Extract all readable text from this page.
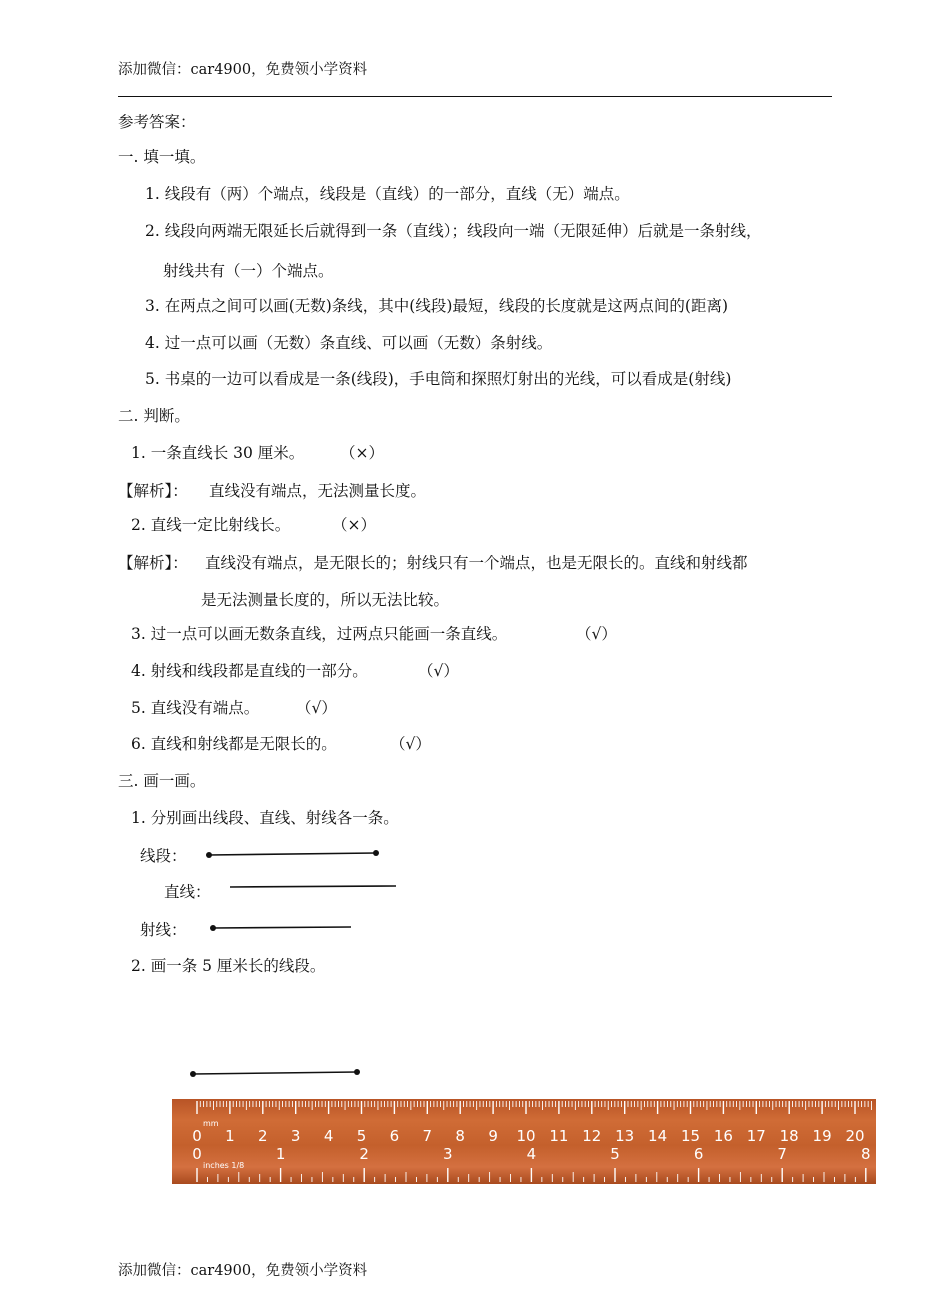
添加微信：car4900，免费领小学资料
参考答案：
一. 填一填。
1. 线段有（两）个端点，线段是（直线）的一部分，直线（无）端点。
2. 线段向两端无限延长后就得到一条（直线）；线段向一端（无限延伸）后就是一条射线，
射线共有（一）个端点。
3. 在两点之间可以画(无数)条线，其中(线段)最短，线段的长度就是这两点间的(距离)
4. 过一点可以画（无数）条直线、可以画（无数）条射线。
5. 书桌的一边可以看成是一条(线段)，手电筒和探照灯射出的光线，可以看成是(射线)
二. 判断。
1. 一条直线长 30 厘米。 （×）
【解析】： 直线没有端点，无法测量长度。
2. 直线一定比射线长。	（×）
【解析】： 直线没有端点，是无限长的；射线只有一个端点，也是无限长的。直线和射线都
是无法测量长度的，所以无法比较。
3. 过一点可以画无数条直线，过两点只能画一条直线。	（√）
4. 射线和线段都是直线的一部分。	（√）
5. 直线没有端点。 （√）
6. 直线和射线都是无限长的。	（√）
三. 画一画。
1. 分别画出线段、直线、射线各一条。
线段：
直线：
射线：
2. 画一条 5 厘米长的线段。
mm
inches 1/8
0 1 2 3 4 5 6 7 8 9 10 11 12 13 14 15 16 17 18 19 20
0	1	2	3	4	5	6	7	8
添加微信：car4900，免费领小学资料
